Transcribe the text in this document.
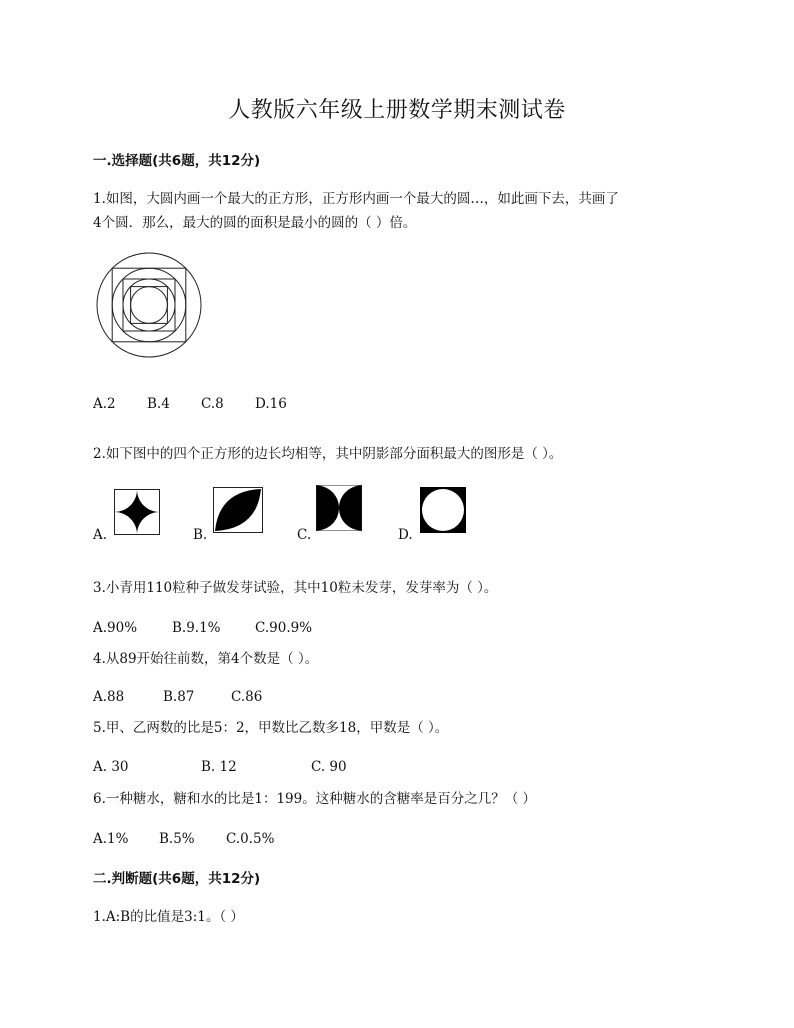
人教版六年级上册数学期末测试卷
一.选择题(共6题，共12分)
1.如图，大圆内画一个最大的正方形，正方形内画一个最大的圆…，如此画下去，共画了
4个圆．那么，最大的圆的面积是最小的圆的（ ）倍。
A.2 B.4 C.8 D.16
2.如下图中的四个正方形的边长均相等，其中阴影部分面积最大的图形是（ ）。
A.	B.	C.	D.
3.小青用110粒种子做发芽试验，其中10粒未发芽，发芽率为（ ）。
A.90%	B.9.1%	C.90.9%
4.从89开始往前数，第4个数是（ ）。
A.88	B.87	C.86
5.甲、乙两数的比是5：2，甲数比乙数多18，甲数是（ ）。
A. 30	B. 12	C. 90
6.一种糖水，糖和水的比是1：199。这种糖水的含糖率是百分之几？（ ）
A.1% B.5% C.0.5%
二.判断题(共6题，共12分)
1.A:B的比值是3:1。（ ）
